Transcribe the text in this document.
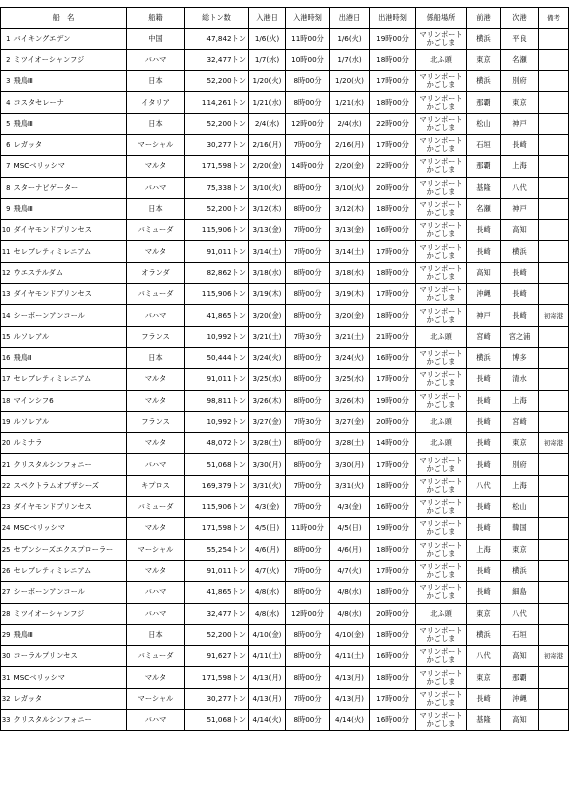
船　名		船籍	総トン数	入港日	入港時刻	出港日	出港時刻	係船場所	前港	次港	備考
1	バイキングエデン	中国	47,842トン	1/6(火)	11時00分	1/6(火)	19時00分	マリンポート
かごしま	横浜	平良	
2	ミツイオーシャンフジ	バハマ	32,477トン	1/7(水)	10時00分	1/7(水)	18時00分	北ふ頭	東京	名瀬	
3	飛鳥Ⅲ	日本	52,200トン	1/20(火)	8時00分	1/20(火)	17時00分	マリンポート
かごしま	横浜	別府	
4	コスタセレーナ	イタリア	114,261トン	1/21(水)	8時00分	1/21(水)	18時00分	マリンポート
かごしま	那覇	東京	
5	飛鳥Ⅲ	日本	52,200トン	2/4(水)	12時00分	2/4(水)	22時00分	マリンポート
かごしま	松山	神戸	
6	レガッタ	マーシャル	30,277トン	2/16(月)	7時00分	2/16(月)	17時00分	マリンポート
かごしま	石垣	長崎	
7	MSCベリッシマ	マルタ	171,598トン	2/20(金)	14時00分	2/20(金)	22時00分	マリンポート
かごしま	那覇	上海	
8	スターナビゲーター	バハマ	75,338トン	3/10(火)	8時00分	3/10(火)	20時00分	マリンポート
かごしま	基隆	八代	
9	飛鳥Ⅲ	日本	52,200トン	3/12(木)	8時00分	3/12(木)	18時00分	マリンポート
かごしま	名瀬	神戸	
10	ダイヤモンドプリンセス	バミューダ	115,906トン	3/13(金)	7時00分	3/13(金)	16時00分	マリンポート
かごしま	長崎	高知	
11	セレブレティミレニアム	マルタ	91,011トン	3/14(土)	7時00分	3/14(土)	17時00分	マリンポート
かごしま	長崎	横浜	
12	ウエステルダム	オランダ	82,862トン	3/18(水)	8時00分	3/18(水)	18時00分	マリンポート
かごしま	高知	長崎	
13	ダイヤモンドプリンセス	バミューダ	115,906トン	3/19(木)	8時00分	3/19(木)	17時00分	マリンポート
かごしま	沖縄	長崎	
14	シーボーンアンコール	バハマ	41,865トン	3/20(金)	8時00分	3/20(金)	18時00分	マリンポート
かごしま	神戸	長崎	初寄港
15	ルソレアル	フランス	10,992トン	3/21(土)	7時30分	3/21(土)	21時00分	北ふ頭	宮崎	宮之浦	
16	飛鳥Ⅱ	日本	50,444トン	3/24(火)	8時00分	3/24(火)	16時00分	マリンポート
かごしま	横浜	博多	
17	セレブレティミレニアム	マルタ	91,011トン	3/25(水)	8時00分	3/25(水)	17時00分	マリンポート
かごしま	長崎	清水	
18	マインシフ6	マルタ	98,811トン	3/26(木)	8時00分	3/26(木)	19時00分	マリンポート
かごしま	長崎	上海	
19	ルソレアル	フランス	10,992トン	3/27(金)	7時30分	3/27(金)	20時00分	北ふ頭	長崎	宮崎	
20	ルミナラ	マルタ	48,072トン	3/28(土)	8時00分	3/28(土)	14時00分	北ふ頭	長崎	東京	初寄港
21	クリスタルシンフォニー	バハマ	51,068トン	3/30(月)	8時00分	3/30(月)	17時00分	マリンポート
かごしま	長崎	別府	
22	スペクトラムオブザシーズ	キプロス	169,379トン	3/31(火)	7時00分	3/31(火)	18時00分	マリンポート
かごしま	八代	上海	
23	ダイヤモンドプリンセス	バミューダ	115,906トン	4/3(金)	7時00分	4/3(金)	16時00分	マリンポート
かごしま	長崎	松山	
24	MSCベリッシマ	マルタ	171,598トン	4/5(日)	11時00分	4/5(日)	19時00分	マリンポート
かごしま	長崎	韓国	
25	セブンシーズエクスプローラー	マーシャル	55,254トン	4/6(月)	8時00分	4/6(月)	18時00分	マリンポート
かごしま	上海	東京	
26	セレブレティミレニアム	マルタ	91,011トン	4/7(火)	7時00分	4/7(火)	17時00分	マリンポート
かごしま	長崎	横浜	
27	シーボーンアンコール	バハマ	41,865トン	4/8(水)	8時00分	4/8(水)	18時00分	マリンポート
かごしま	長崎	細島	
28	ミツイオーシャンフジ	バハマ	32,477トン	4/8(水)	12時00分	4/8(水)	20時00分	北ふ頭	東京	八代	
29	飛鳥Ⅲ	日本	52,200トン	4/10(金)	8時00分	4/10(金)	18時00分	マリンポート
かごしま	横浜	石垣	
30	コーラルプリンセス	バミューダ	91,627トン	4/11(土)	8時00分	4/11(土)	16時00分	マリンポート
かごしま	八代	高知	初寄港
31	MSCベリッシマ	マルタ	171,598トン	4/13(月)	8時00分	4/13(月)	18時00分	マリンポート
かごしま	東京	那覇	
32	レガッタ	マーシャル	30,277トン	4/13(月)	7時00分	4/13(月)	17時00分	マリンポート
かごしま	長崎	沖縄	
33	クリスタルシンフォニー	バハマ	51,068トン	4/14(火)	8時00分	4/14(火)	16時00分	マリンポート
かごしま	基隆	高知	
